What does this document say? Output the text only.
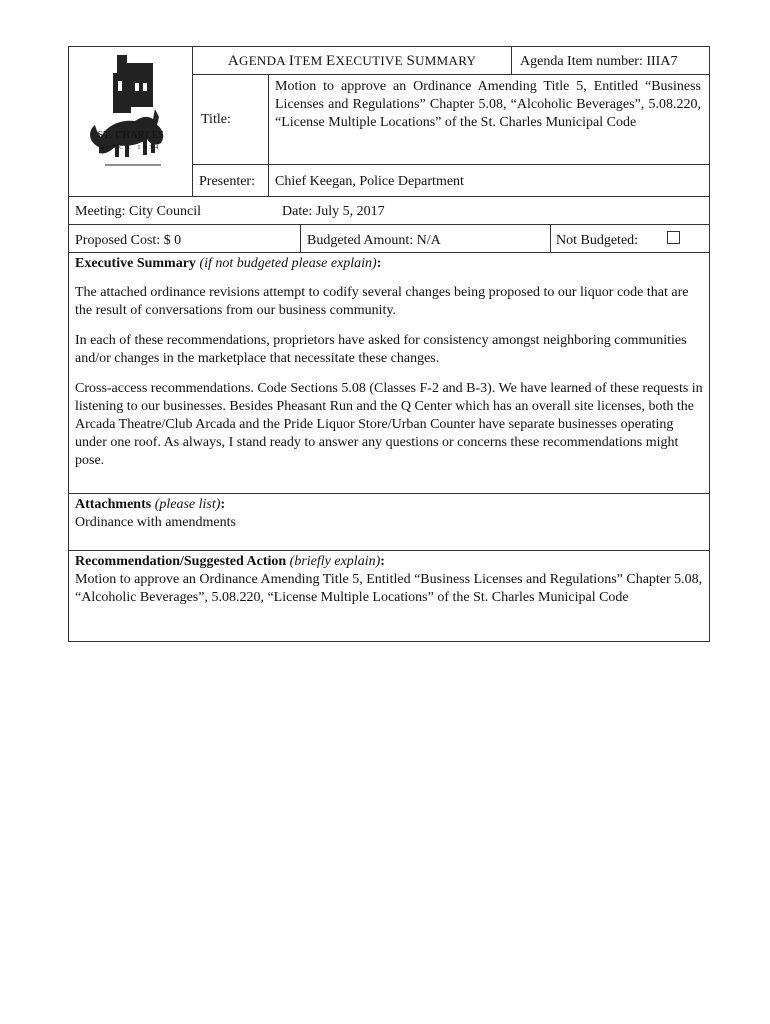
ST. CHARLES
SINCE 1834
AGENDA ITEM EXECUTIVE SUMMARY	Agenda Item number: IIIA7
Title:
Motion to approve an Ordinance Amending Title 5, Entitled “Business Licenses and Regulations” Chapter 5.08, “Alcoholic Beverages”, 5.08.220, “License Multiple Locations” of the St. Charles Municipal Code
Presenter:	Chief Keegan, Police Department
Meeting: City Council	Date: July 5, 2017
Proposed Cost: $ 0	Budgeted Amount: N/A	Not Budgeted:

Executive Summary (if not budgeted please explain):

The attached ordinance revisions attempt to codify several changes being proposed to our liquor code that are the result of conversations from our business community.

In each of these recommendations, proprietors have asked for consistency amongst neighboring communities and/or changes in the marketplace that necessitate these changes.

Cross-access recommendations. Code Sections 5.08 (Classes F-2 and B-3). We have learned of these requests in listening to our businesses. Besides Pheasant Run and the Q Center which has an overall site licenses, both the Arcada Theatre/Club Arcada and the Pride Liquor Store/Urban Counter have separate businesses operating under one roof. As always, I stand ready to answer any questions or concerns these recommendations might pose.

Attachments (please list):
Ordinance with amendments
Recommendation/Suggested Action (briefly explain):
Motion to approve an Ordinance Amending Title 5, Entitled “Business Licenses and Regulations” Chapter 5.08, “Alcoholic Beverages”, 5.08.220, “License Multiple Locations” of the St. Charles Municipal Code
